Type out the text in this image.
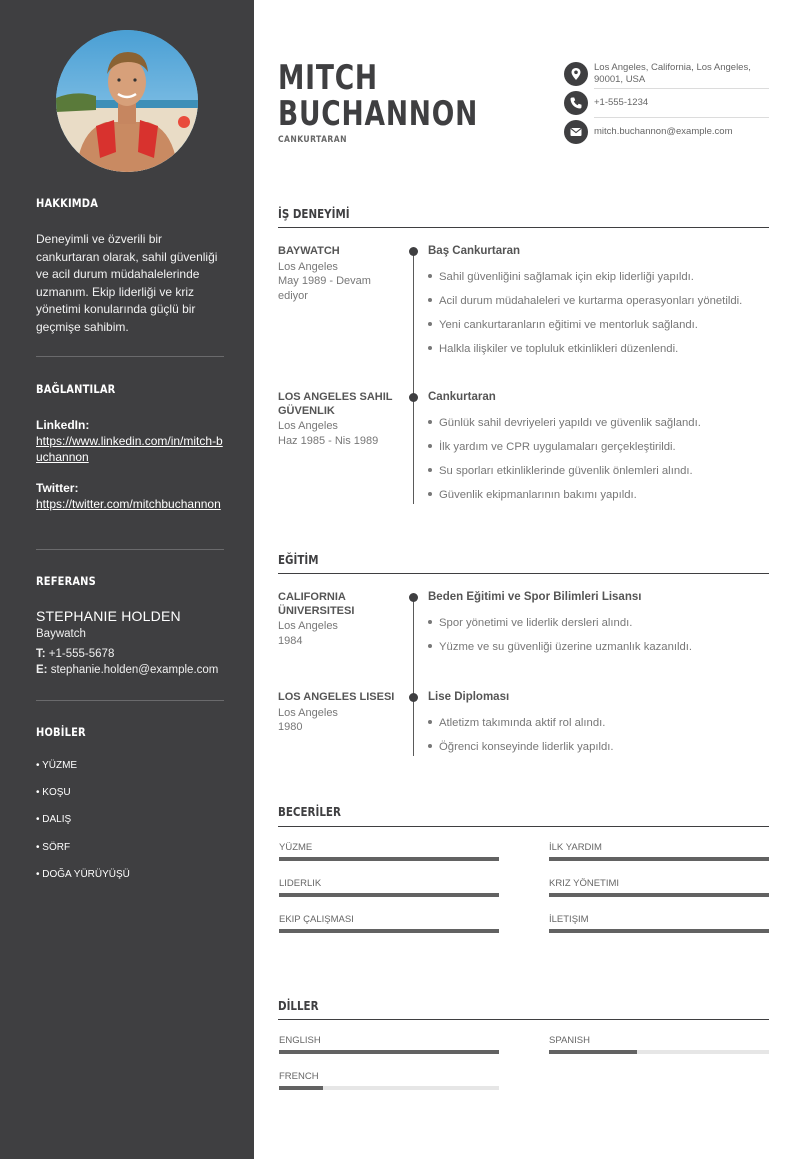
HAKKIMDA
Deneyimli ve özverili bir cankurtaran olarak, sahil güvenliği ve acil durum müdahalelerinde uzmanım. Ekip liderliği ve kriz yönetimi konularında güçlü bir geçmişe sahibim.
BAĞLANTILAR
LinkedIn:
https://www.linkedin.com/in/mitch-buchannon
Twitter:
https://twitter.com/mitchbuchannon
REFERANS
STEPHANIE HOLDEN
Baywatch
T: +1-555-5678
E: stephanie.holden@example.com
HOBİLER
• YÜZME
• KOŞU
• DALIŞ
• SÖRF
• DOĞA YÜRÜYÜŞÜ
MITCH
BUCHANNON
CANKURTARAN
Los Angeles, California, Los Angeles, 90001, USA
+1-555-1234
mitch.buchannon@example.com
İŞ DENEYİMİ
BAYWATCH
Los Angeles
May 1989 - Devam ediyor
Baş Cankurtaran
Sahil güvenliğini sağlamak için ekip liderliği yapıldı.
Acil durum müdahaleleri ve kurtarma operasyonları yönetildi.
Yeni cankurtaranların eğitimi ve mentorluk sağlandı.
Halkla ilişkiler ve topluluk etkinlikleri düzenlendi.
LOS ANGELES SAHIL GÜVENLIK
Los Angeles
Haz 1985 - Nis 1989
Cankurtaran
Günlük sahil devriyeleri yapıldı ve güvenlik sağlandı.
İlk yardım ve CPR uygulamaları gerçekleştirildi.
Su sporları etkinliklerinde güvenlik önlemleri alındı.
Güvenlik ekipmanlarının bakımı yapıldı.
EĞİTİM
CALIFORNIA ÜNIVERSITESI
Los Angeles
1984
Beden Eğitimi ve Spor Bilimleri Lisansı
Spor yönetimi ve liderlik dersleri alındı.
Yüzme ve su güvenliği üzerine uzmanlık kazanıldı.
LOS ANGELES LISESI
Los Angeles
1980
Lise Diploması
Atletizm takımında aktif rol alındı.
Öğrenci konseyinde liderlik yapıldı.
BECERİLER
YÜZME	İLK YARDIM
LIDERLIK	KRIZ YÖNETIMI
EKIP ÇALIŞMASI	İLETIŞIM
DİLLER
ENGLISH	SPANISH
FRENCH
